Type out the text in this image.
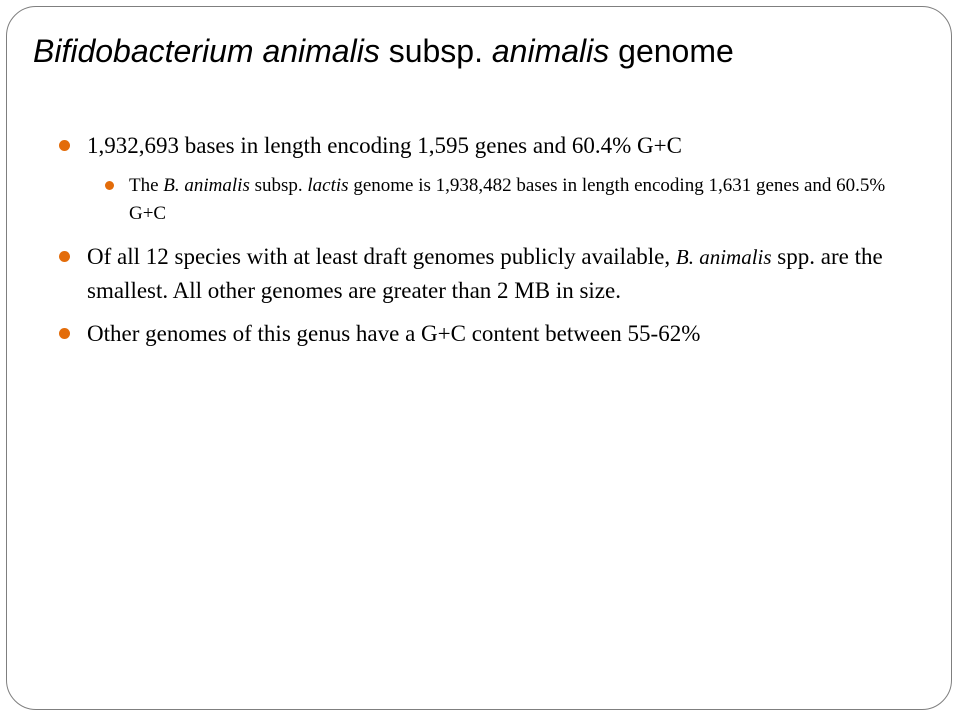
Bifidobacterium animalis subsp. animalis genome
1,932,693 bases in length encoding 1,595 genes and 60.4% G+C
The B. animalis subsp. lactis genome is 1,938,482 bases in length encoding 1,631 genes and 60.5% G+C
Of all 12 species with at least draft genomes publicly available, B. animalis spp. are the smallest. All other genomes are greater than 2 MB in size.
Other genomes of this genus have a G+C content between 55-62%
